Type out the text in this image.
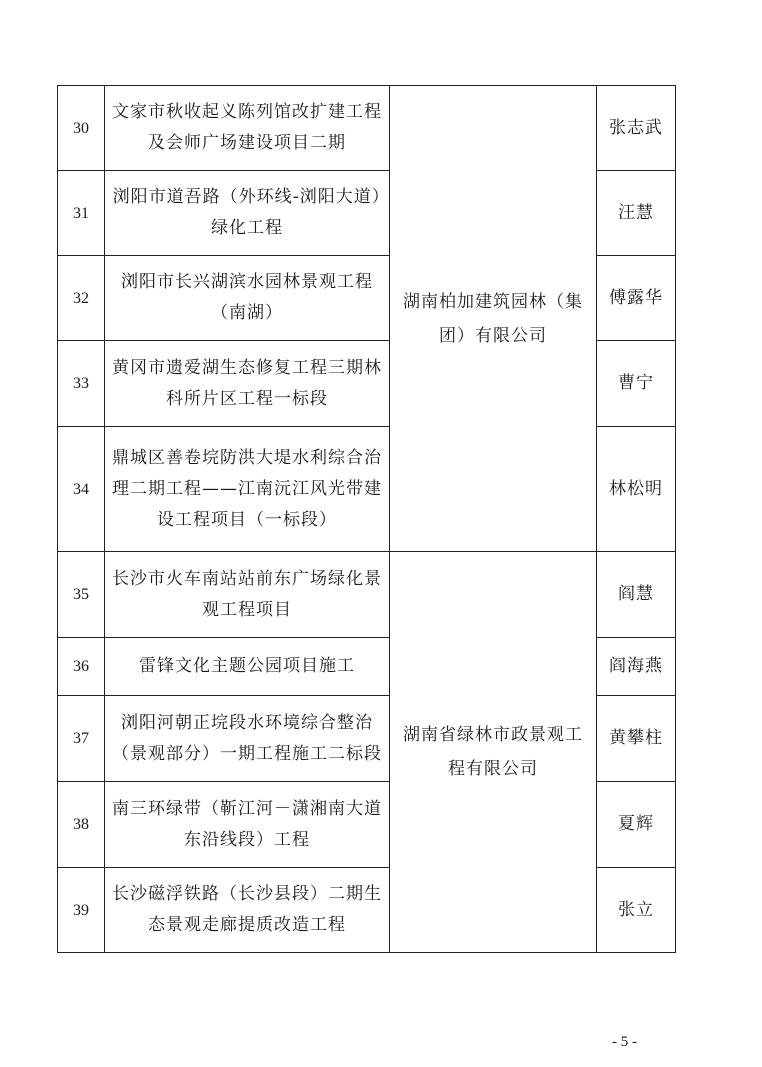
30	文家市秋收起义陈列馆改扩建工程及会师广场建设项目二期	湖南柏加建筑园林（集团）有限公司	张志武
31	浏阳市道吾路（外环线-浏阳大道）绿化工程		汪慧
32	浏阳市长兴湖滨水园林景观工程（南湖）		傅露华
33	黄冈市遗爱湖生态修复工程三期林科所片区工程一标段		曹宁
34	鼎城区善卷垸防洪大堤水利综合治理二期工程——江南沅江风光带建设工程项目（一标段）		林松明
35	长沙市火车南站站前东广场绿化景观工程项目	湖南省绿林市政景观工程有限公司	阎慧
36	雷锋文化主题公园项目施工		阎海燕
37	浏阳河朝正垸段水环境综合整治（景观部分）一期工程施工二标段		黄攀柱
38	南三环绿带（靳江河－潇湘南大道东沿线段）工程		夏辉
39	长沙磁浮铁路（长沙县段）二期生态景观走廊提质改造工程		张立
- 5 -
